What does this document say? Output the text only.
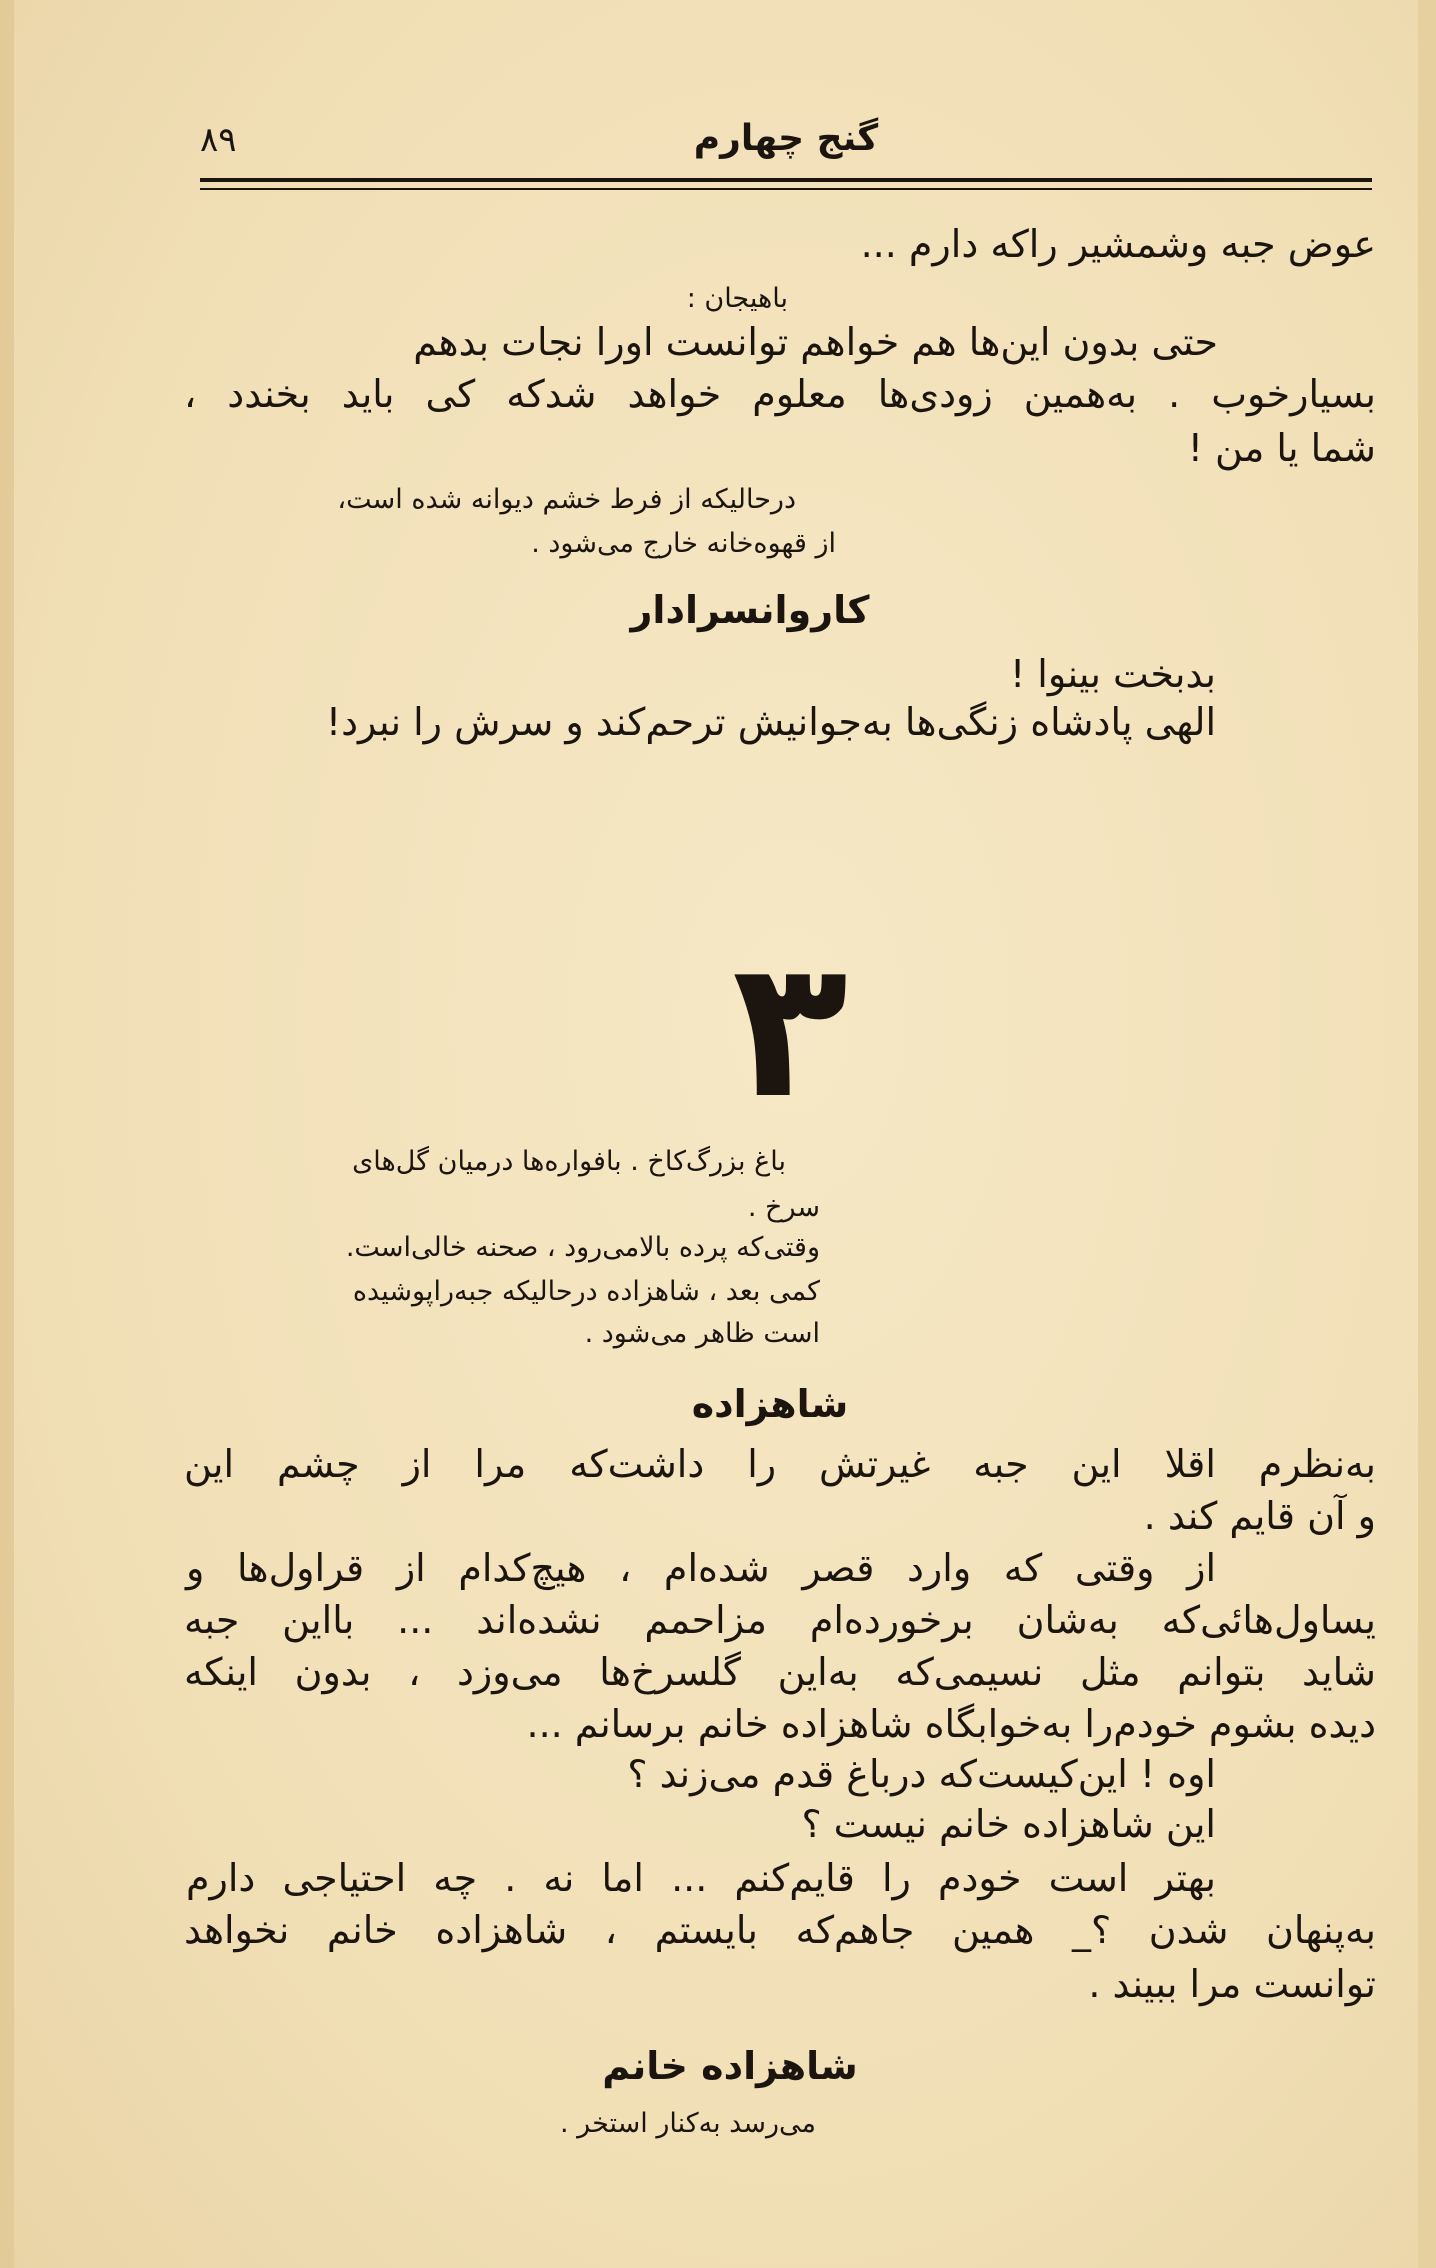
۸۹	گنج چهارم
عوض جبه وشمشیر راکه دارم ...
باهیجان :
حتی بدون این‌ها هم خواهم توانست اورا نجات بدهم
بسیارخوب . به‌همین زودی‌ها معلوم خواهد شدکه کی باید بخندد ،
شما یا من !
درحالیکه از فرط خشم دیوانه شده است،
از قهوه‌خانه خارج می‌شود .
کاروانسرادار
بدبخت بینوا !
الهی پادشاه زنگی‌ها به‌جوانیش ترحم‌کند و سرش را نبرد!
۳
باغ بزرگ‌کاخ . بافواره‌ها درمیان گل‌های
سرخ .
وقتی‌که پرده بالامی‌رود ، صحنه خالی‌است.
کمی بعد ، شاهزاده درحالیکه جبه‌راپوشیده
است ظاهر می‌شود .
شاهزاده
به‌نظرم اقلا این جبه غیرتش را داشت‌که مرا از چشم این
و آن قایم کند .
از وقتی که وارد قصر شده‌ام ، هیچ‌کدام از قراول‌ها و
یساول‌هائی‌که به‌شان برخورده‌ام مزاحمم نشده‌اند ... بااین جبه
شاید بتوانم مثل نسیمی‌که به‌این گلسرخ‌ها می‌وزد ، بدون اینکه
دیده بشوم خودم‌را به‌خوابگاه شاهزاده خانم برسانم ...
اوه ! این‌کیست‌که درباغ قدم می‌زند ؟
این شاهزاده خانم نیست ؟
بهتر است خودم را قایم‌کنم ... اما نه . چه احتیاجی دارم
به‌پنهان شدن ؟_ همین جاهم‌که بایستم ، شاهزاده خانم نخواهد
توانست مرا ببیند .
شاهزاده خانم
می‌رسد به‌کنار استخر .
